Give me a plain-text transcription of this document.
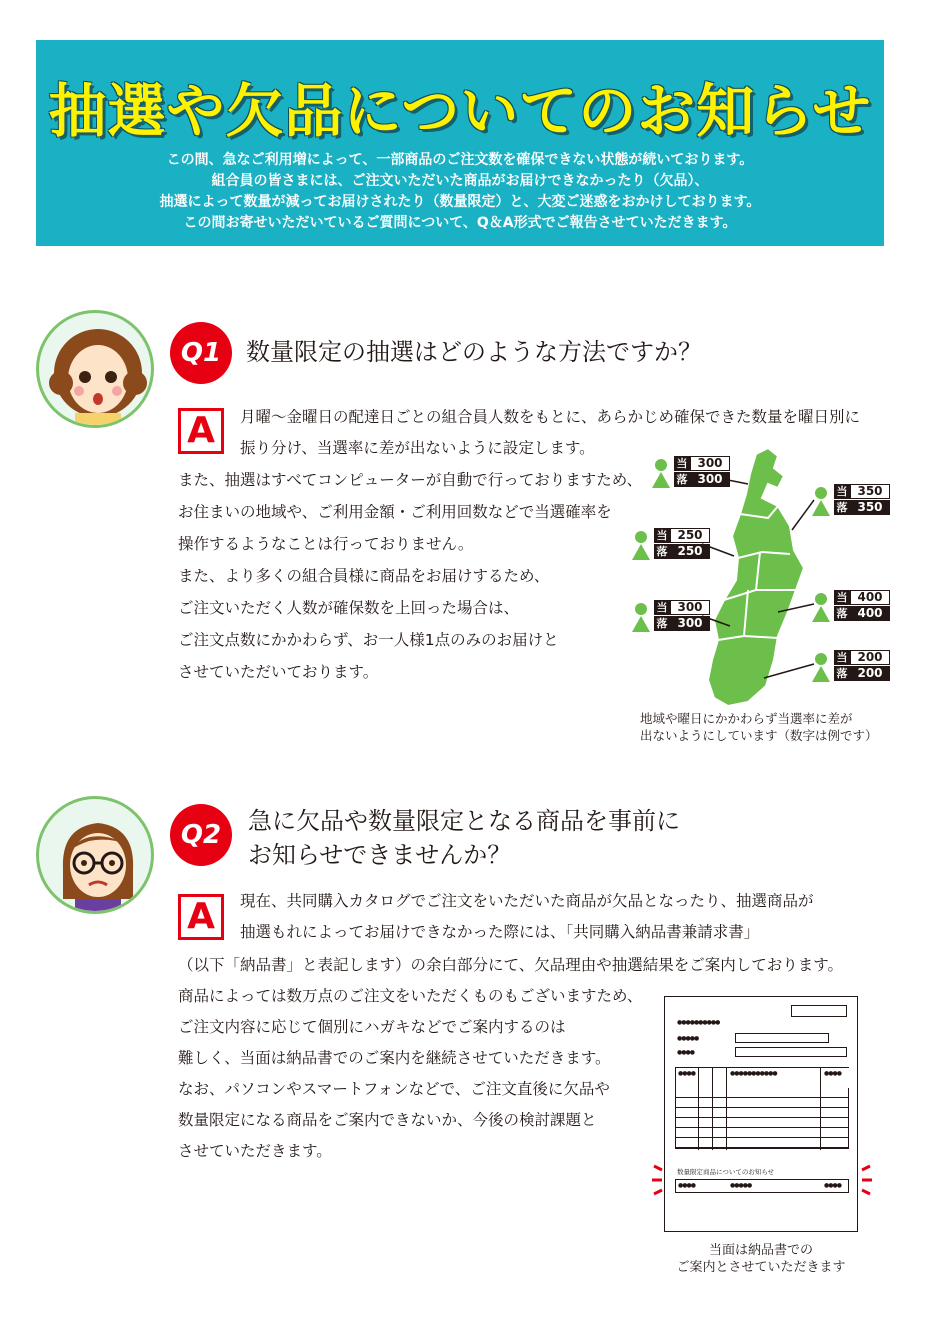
抽選や欠品についてのお知らせ
この間、急なご利用増によって、一部商品のご注文数を確保できない状態が続いております。
組合員の皆さまには、ご注文いただいた商品がお届けできなかったり（欠品）、
抽選によって数量が減ってお届けされたり（数量限定）と、大変ご迷惑をおかけしております。
この間お寄せいただいているご質問について、Q＆A形式でご報告させていただきます。
Q1	数量限定の抽選はどのような方法ですか？
A	月曜～金曜日の配達日ごとの組合員人数をもとに、あらかじめ確保できた数量を曜日別に
振り分け、当選率に差が出ないように設定します。
また、抽選はすべてコンピューターが自動で行っておりますため、
お住まいの地域や、ご利用金額・ご利用回数などで当選確率を
操作するようなことは行っておりません。
また、より多くの組合員様に商品をお届けするため、
ご注文いただく人数が確保数を上回った場合は、
ご注文点数にかかわらず、お一人様1点のみのお届けと
させていただいております。
当 300
落 300
当 350
落 350
当 250
落 250
当 300
落 300
当 400
落 400
当 200
落 200
地域や曜日にかかわらず当選率に差が
出ないようにしています（数字は例です）
Q2	急に欠品や数量限定となる商品を事前に
お知らせできませんか？
A	現在、共同購入カタログでご注文をいただいた商品が欠品となったり、抽選商品が
抽選もれによってお届けできなかった際には、「共同購入納品書兼請求書」
（以下「納品書」と表記します）の余白部分にて、欠品理由や抽選結果をご案内しております。
商品によっては数万点のご注文をいただくものもございますため、
ご注文内容に応じて個別にハガキなどでご案内するのは
難しく、当面は納品書でのご案内を継続させていただきます。
なお、パソコンやスマートフォンなどで、ご注文直後に欠品や
数量限定になる商品をご案内できないか、今後の検討課題と
させていただきます。
●●●●●●●●●●
●●●●●
●●●●
●●●●	●●●●●●●●●●●	●●●●
数量限定商品についてのお知らせ
●●●●	●●●●●	●●●●
当面は納品書での
ご案内とさせていただきます
